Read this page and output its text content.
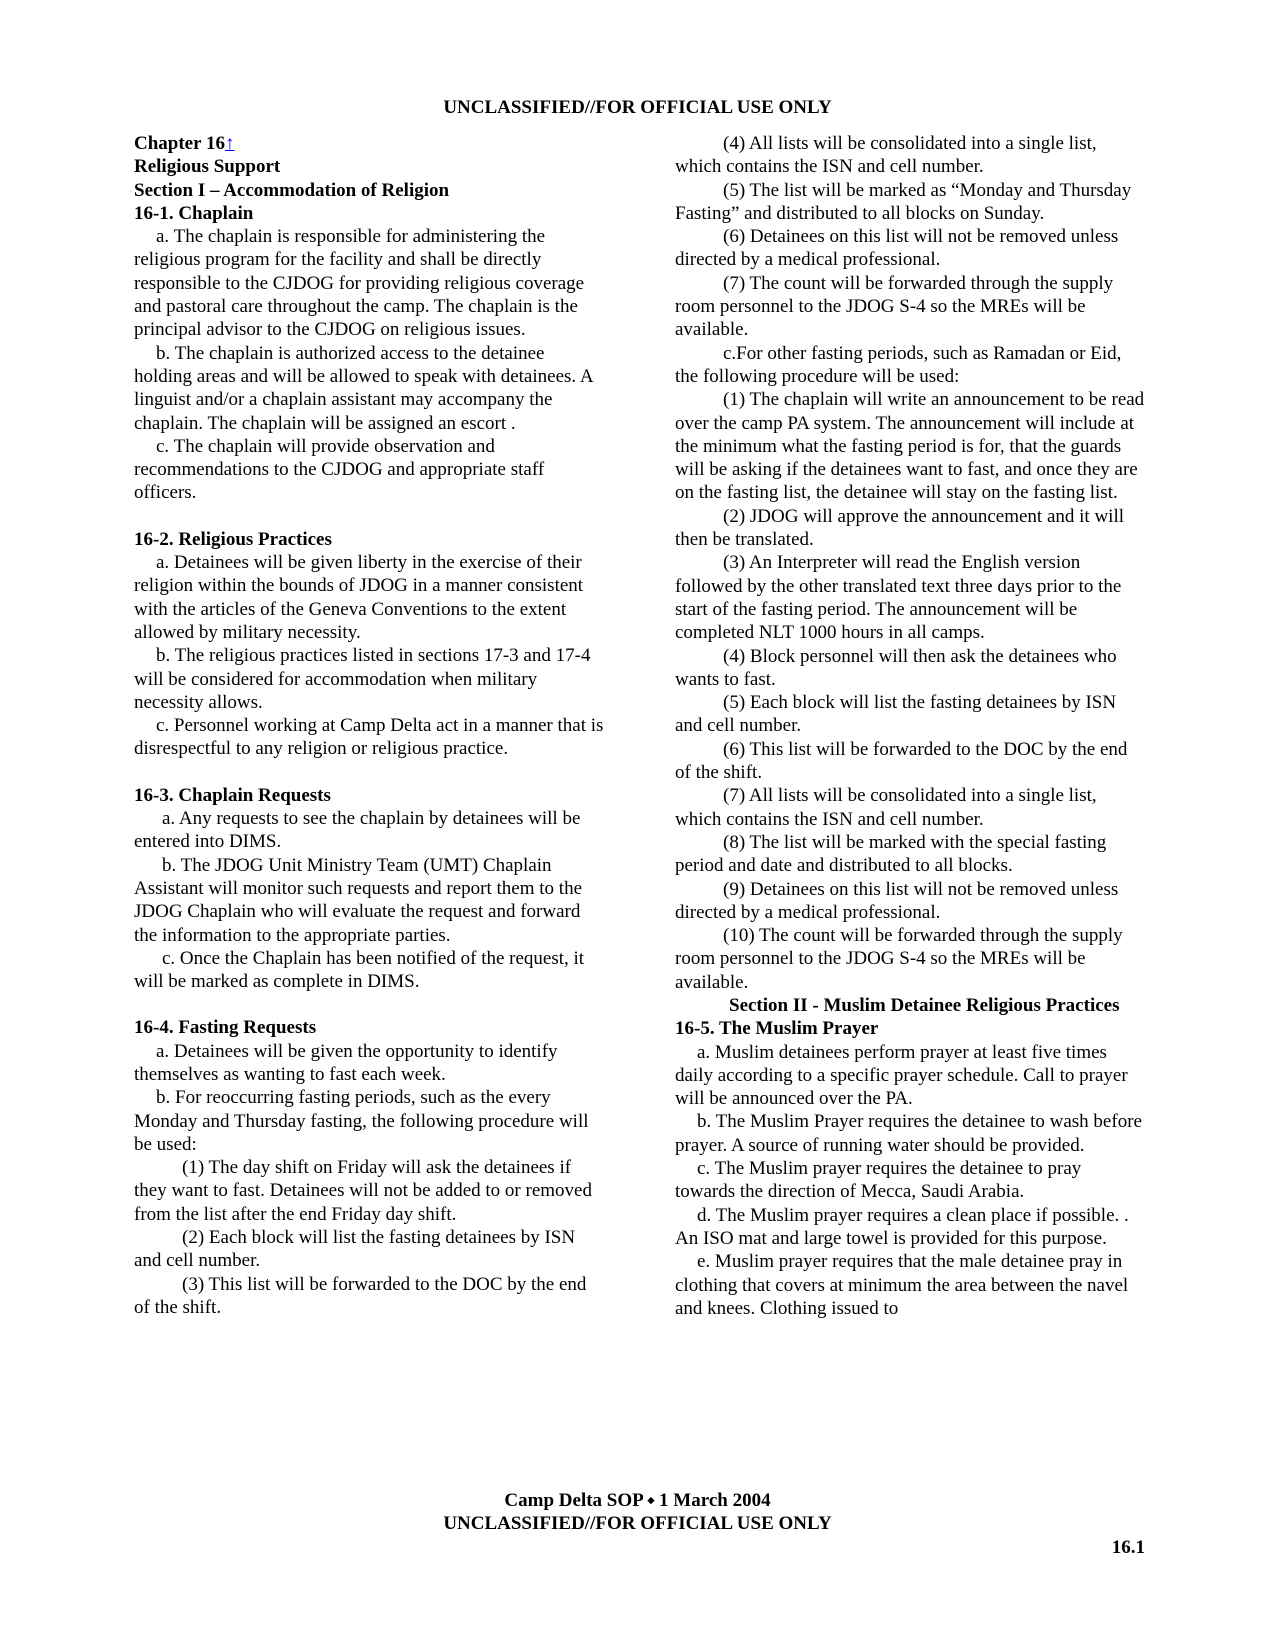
UNCLASSIFIED//FOR OFFICIAL USE ONLY
Chapter 16↑
Religious Support
Section I – Accommodation of Religion
16-1. Chaplain

a. The chaplain is responsible for administering the religious program for the facility and shall be directly responsible to the CJDOG for providing religious coverage and pastoral care throughout the camp. The chaplain is the principal advisor to the CJDOG on religious issues.

b. The chaplain is authorized access to the detainee holding areas and will be allowed to speak with detainees. A linguist and/or a chaplain assistant may accompany the chaplain. The chaplain will be assigned an escort .

c. The chaplain will provide observation and recommendations to the CJDOG and appropriate staff officers.

16-2. Religious Practices

a. Detainees will be given liberty in the exercise of their religion within the bounds of JDOG in a manner consistent with the articles of the Geneva Conventions to the extent allowed by military necessity.

b. The religious practices listed in sections 17-3 and 17-4 will be considered for accommodation when military necessity allows.

c. Personnel working at Camp Delta act in a manner that is disrespectful to any religion or religious practice.

16-3. Chaplain Requests

a. Any requests to see the chaplain by detainees will be entered into DIMS.

b. The JDOG Unit Ministry Team (UMT) Chaplain Assistant will monitor such requests and report them to the JDOG Chaplain who will evaluate the request and forward the information to the appropriate parties.

c. Once the Chaplain has been notified of the request, it will be marked as complete in DIMS.

16-4. Fasting Requests

a. Detainees will be given the opportunity to identify themselves as wanting to fast each week.

b. For reoccurring fasting periods, such as the every Monday and Thursday fasting, the following procedure will be used:

(1) The day shift on Friday will ask the detainees if they want to fast. Detainees will not be added to or removed from the list after the end Friday day shift.

(2) Each block will list the fasting detainees by ISN and cell number.

(3) This list will be forwarded to the DOC by the end of the shift.

(4) All lists will be consolidated into a single list, which contains the ISN and cell number.

(5) The list will be marked as “Monday and Thursday Fasting” and distributed to all blocks on Sunday.

(6) Detainees on this list will not be removed unless directed by a medical professional.

(7) The count will be forwarded through the supply room personnel to the JDOG S-4 so the MREs will be available.

c.For other fasting periods, such as Ramadan or Eid, the following procedure will be used:

(1) The chaplain will write an announcement to be read over the camp PA system. The announcement will include at the minimum what the fasting period is for, that the guards will be asking if the detainees want to fast, and once they are on the fasting list, the detainee will stay on the fasting list.

(2) JDOG will approve the announcement and it will then be translated.

(3) An Interpreter will read the English version followed by the other translated text three days prior to the start of the fasting period. The announcement will be completed NLT 1000 hours in all camps.

(4) Block personnel will then ask the detainees who wants to fast.

(5) Each block will list the fasting detainees by ISN and cell number.

(6) This list will be forwarded to the DOC by the end of the shift.

(7) All lists will be consolidated into a single list, which contains the ISN and cell number.

(8) The list will be marked with the special fasting period and date and distributed to all blocks.

(9) Detainees on this list will not be removed unless directed by a medical professional.

(10) The count will be forwarded through the supply room personnel to the JDOG S-4 so the MREs will be available.

Section II - Muslim Detainee Religious Practices
16-5. The Muslim Prayer

a. Muslim detainees perform prayer at least five times daily according to a specific prayer schedule. Call to prayer will be announced over the PA.

b. The Muslim Prayer requires the detainee to wash before prayer. A source of running water should be provided.

c. The Muslim prayer requires the detainee to pray towards the direction of Mecca, Saudi Arabia.

d. The Muslim prayer requires a clean place if possible. . An ISO mat and large towel is provided for this purpose.

e. Muslim prayer requires that the male detainee pray in clothing that covers at minimum the area between the navel and knees. Clothing issued to

Camp Delta SOP ⬩ 1 March 2004
UNCLASSIFIED//FOR OFFICIAL USE ONLY
16.1
